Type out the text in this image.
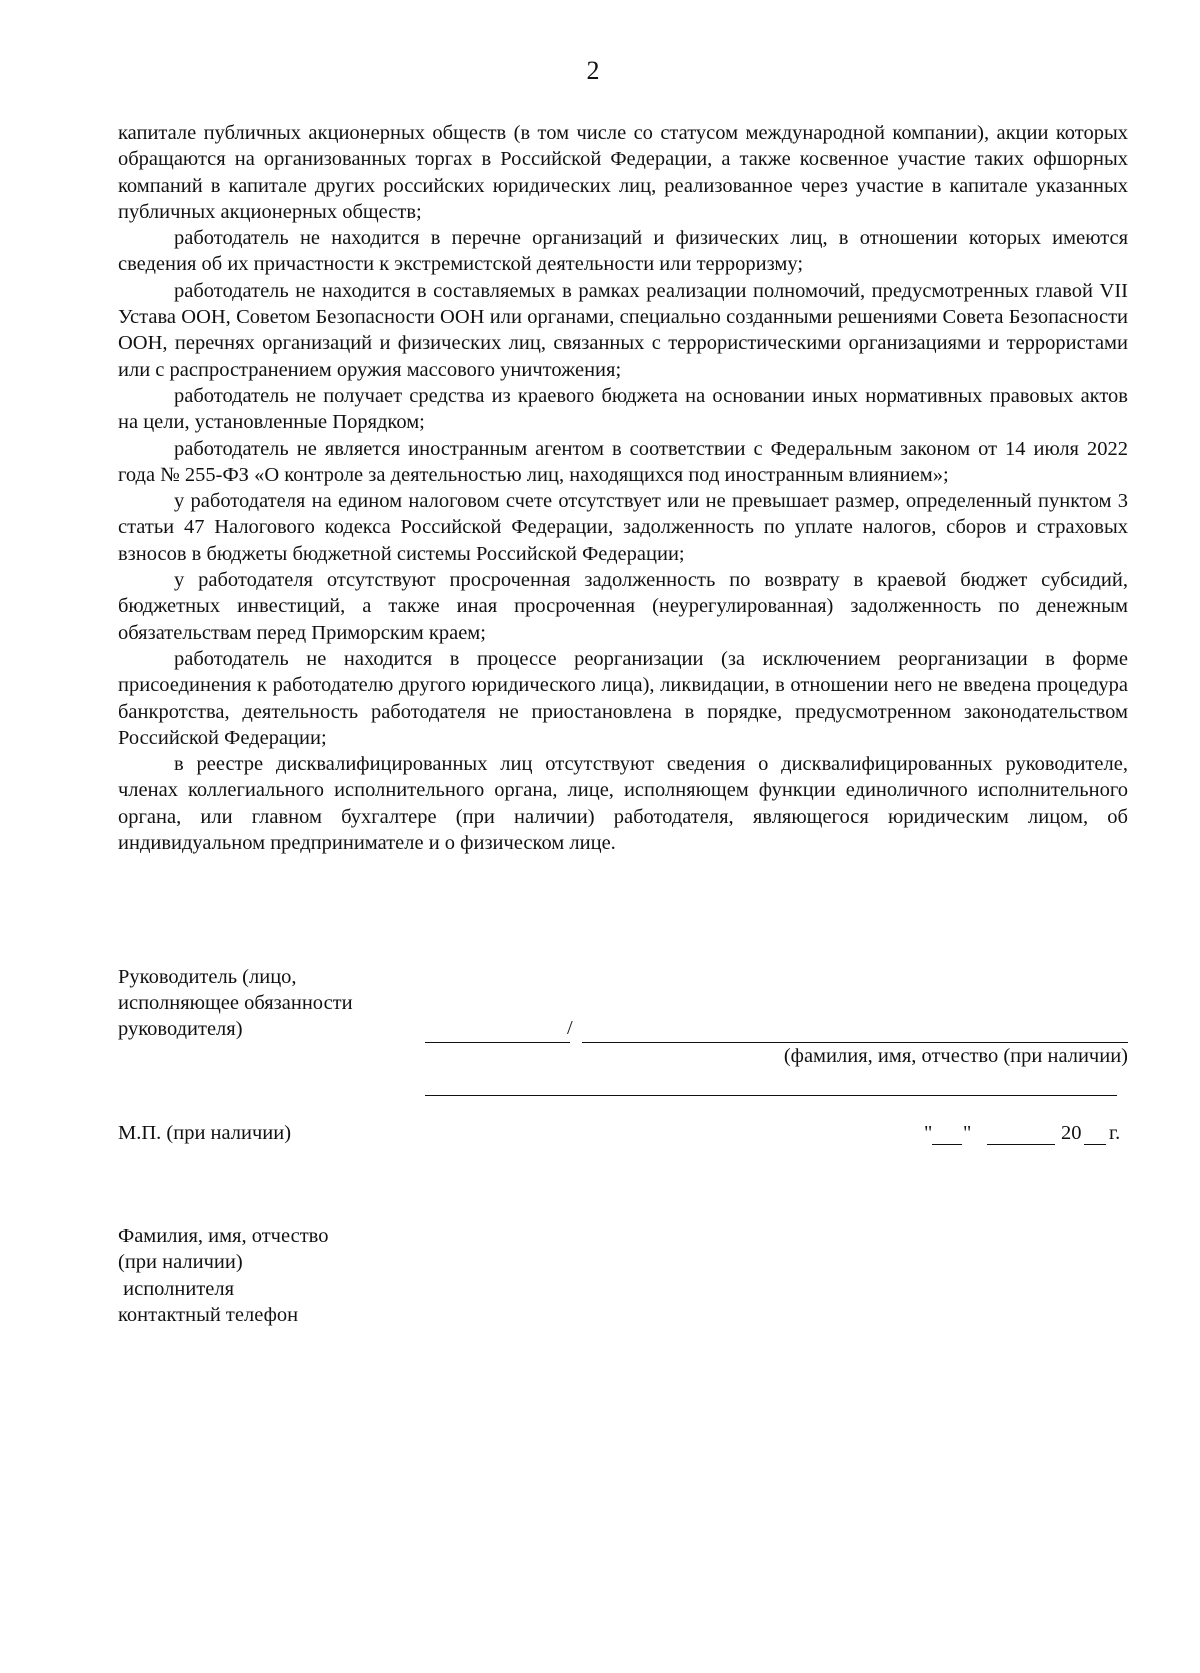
2

капитале публичных акционерных обществ (в том числе со статусом международной компании), акции которых обращаются на организованных торгах в Российской Федерации, а также косвенное участие таких офшорных компаний в капитале других российских юридических лиц, реализованное через участие в капитале указанных публичных акционерных обществ;

работодатель не находится в перечне организаций и физических лиц, в отношении которых имеются сведения об их причастности к экстремистской деятельности или терроризму;

работодатель не находится в составляемых в рамках реализации полномочий, предусмотренных главой VII Устава ООН, Советом Безопасности ООН или органами, специально созданными решениями Совета Безопасности ООН, перечнях организаций и физических лиц, связанных с террористическими организациями и террористами или с распространением оружия массового уничтожения;

работодатель не получает средства из краевого бюджета на основании иных нормативных правовых актов на цели, установленные Порядком;

работодатель не является иностранным агентом в соответствии с Федеральным законом от 14 июля 2022 года № 255-ФЗ «О контроле за деятельностью лиц, находящихся под иностранным влиянием»;

у работодателя на едином налоговом счете отсутствует или не превышает размер, определенный пунктом 3 статьи 47 Налогового кодекса Российской Федерации, задолженность по уплате налогов, сборов и страховых взносов в бюджеты бюджетной системы Российской Федерации;

у работодателя отсутствуют просроченная задолженность по возврату в краевой бюджет субсидий, бюджетных инвестиций, а также иная просроченная (неурегулированная) задолженность по денежным обязательствам перед Приморским краем;

работодатель не находится в процессе реорганизации (за исключением реорганизации в форме присоединения к работодателю другого юридического лица), ликвидации, в отношении него не введена процедура банкротства, деятельность работодателя не приостановлена в порядке, предусмотренном законодательством Российской Федерации;

в реестре дисквалифицированных лиц отсутствуют сведения о дисквалифицированных руководителе, членах коллегиального исполнительного органа, лице, исполняющем функции единоличного исполнительного органа, или главном бухгалтере (при наличии) работодателя, являющегося юридическим лицом, об индивидуальном предпринимателе и о физическом лице.

Руководитель (лицо,
исполняющее обязанности
руководителя)	/
(фамилия, имя, отчество (при наличии)
М.П. (при наличии)	" "	20 г.
Фамилия, имя, отчество
(при наличии)
исполнителя
контактный телефон
